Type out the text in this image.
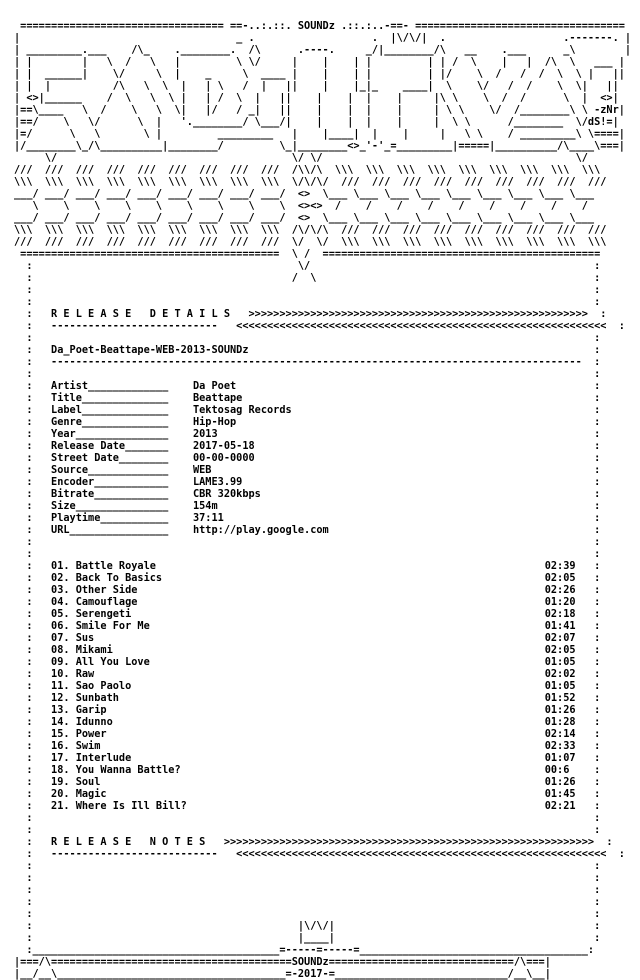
================================= ==-..:.::. SOUNDz .::.:..-==- ==================================
|                                   _ .                   .  |\/\/|  .                   .-------. |
| _________.___    /\_    .________.  /\      .----.     _/|________/\   __    .___      _\        |
| |        |   \  /   \   |         \ \/     |    |    | |         | | /  \    |   |  /\  \   ___ |
| |  ______|    \/     \  |    _     \  ____ |    |    | |         | |/    \  /   /  /  \  \ |   ||
| |  |          /\   \  \  |   | \   /  |   ||    |    |_|_    ____|  \    \/   /  /    \  \|   ||
| <>|______    /  \   \  \ |   | /  \  |   ||    |    |  |    |     |\ \    \  /  /      \  |  <>|
|==\____   \  /    \   \  \|   |/   / _|   ||    |    |  |    |     | \ \    \/  /________\ \ -zNr|
|==/    \   \/      \  |   '.________/ \___/|    |    |  |    |     |  \ \      /________  \/dS!=|
|=/      \   \       \ |         _________   |    |____|  |    |     |   \ \    / _________\ \====|
|/________\_/\__________|________/         \_|________<>_'-'_=_________|=====|__________/\____\===|
\/                                      \/ \/                                         \/
///  ///  ///  ///  ///  ///  ///  ///  ///  /\\/\  \\\  \\\  \\\  \\\  \\\  \\\  \\\  \\\  \\\
\\\  \\\  \\\  \\\  \\\  \\\  \\\  \\\  \\\  \/\/\/  ///  ///  ///  ///  ///  ///  ///  ///  ///
___/ ___/ ___/ ___/ ___/ ___/ ___/ ___/ ___/  <>  \___ \___ \___ \___ \___ \___ \___ \___ \___
\    \    \    \    \    \    \    \    \  <><>  /    /    /    /    /    /    /    /    /
___/ ___/ ___/ ___/ ___/ ___/ ___/ ___/ ___/  <>  \___ \___ \___ \___ \___ \___ \___ \___ \___
\\\  \\\  \\\  \\\  \\\  \\\  \\\  \\\  \\\  /\/\/\  ///  ///  ///  ///  ///  ///  ///  ///  ///
///  ///  ///  ///  ///  ///  ///  ///  ///  \/  \/  \\\  \\\  \\\  \\\  \\\  \\\  \\\  \\\  \\\
==========================================  \ /  =============================================
:                                           \/                                              :
:                                          /  \                                             :
:                                                                                           :
:                                                                                           :
:   R E L E A S E   D E T A I L S   >>>>>>>>>>>>>>>>>>>>>>>>>>>>>>>>>>>>>>>>>>>>>>>>>>>>>>>  :
:   ---------------------------   <<<<<<<<<<<<<<<<<<<<<<<<<<<<<<<<<<<<<<<<<<<<<<<<<<<<<<<<<<<<  :
:                                                                                           :
:   Da_Poet-Beattape-WEB-2013-SOUNDz                                                        :
:   --------------------------------------------------------------------------------------  :
:                                                                                           :
:   Artist_____________    Da Poet                                                          :
:   Title______________    Beattape                                                         :
:   Label______________    Tektosag Records                                                 :
:   Genre______________    Hip-Hop                                                          :
:   Year_______________    2013                                                             :
:   Release Date_______    2017-05-18                                                       :
:   Street Date________    00-00-0000                                                       :
:   Source_____________    WEB                                                              :
:   Encoder____________    LAME3.99                                                         :
:   Bitrate____________    CBR 320kbps                                                      :
:   Size_______________    154m                                                             :
:   Playtime___________    37:11                                                            :
:   URL________________    http://play.google.com                                           :
:                                                                                           :
:                                                                                           :
:   01. Battle Royale                                                               02:39   :
:   02. Back To Basics                                                              02:05   :
:   03. Other Side                                                                  02:26   :
:   04. Camouflage                                                                  01:20   :
:   05. Serengeti                                                                   02:18   :
:   06. Smile For Me                                                                01:41   :
:   07. Sus                                                                         02:07   :
:   08. Mikami                                                                      02:05   :
:   09. All You Love                                                                01:05   :
:   10. Raw                                                                         02:02   :
:   11. Sao Paolo                                                                   01:05   :
:   12. Sunbath                                                                     01:52   :
:   13. Garip                                                                       01:26   :
:   14. Idunno                                                                      01:28   :
:   15. Power                                                                       02:14   :
:   16. Swim                                                                        02:33   :
:   17. Interlude                                                                   01:07   :
:   18. You Wanna Battle?                                                           00:6    :
:   19. Soul                                                                        01:26   :
:   20. Magic                                                                       01:45   :
:   21. Where Is Ill Bill?                                                          02:21   :
:                                                                                           :
:                                                                                           :
:   R E L E A S E   N O T E S   >>>>>>>>>>>>>>>>>>>>>>>>>>>>>>>>>>>>>>>>>>>>>>>>>>>>>>>>>>>>  :
:   ---------------------------   <<<<<<<<<<<<<<<<<<<<<<<<<<<<<<<<<<<<<<<<<<<<<<<<<<<<<<<<<<<<  :
:                                                                                           :
:                                                                                           :
:                                                                                           :
:                                                                                           :
:                                                                                           :
:                                           |\/\/|                                          :
:                                           |____|                                          :
:________________________________________=-----=-----=_____________________________________:
|===/\=======================================SOUNDz==============================/\===|
|__/__\_____________________________________=-2017-=____________________________/__\__|
